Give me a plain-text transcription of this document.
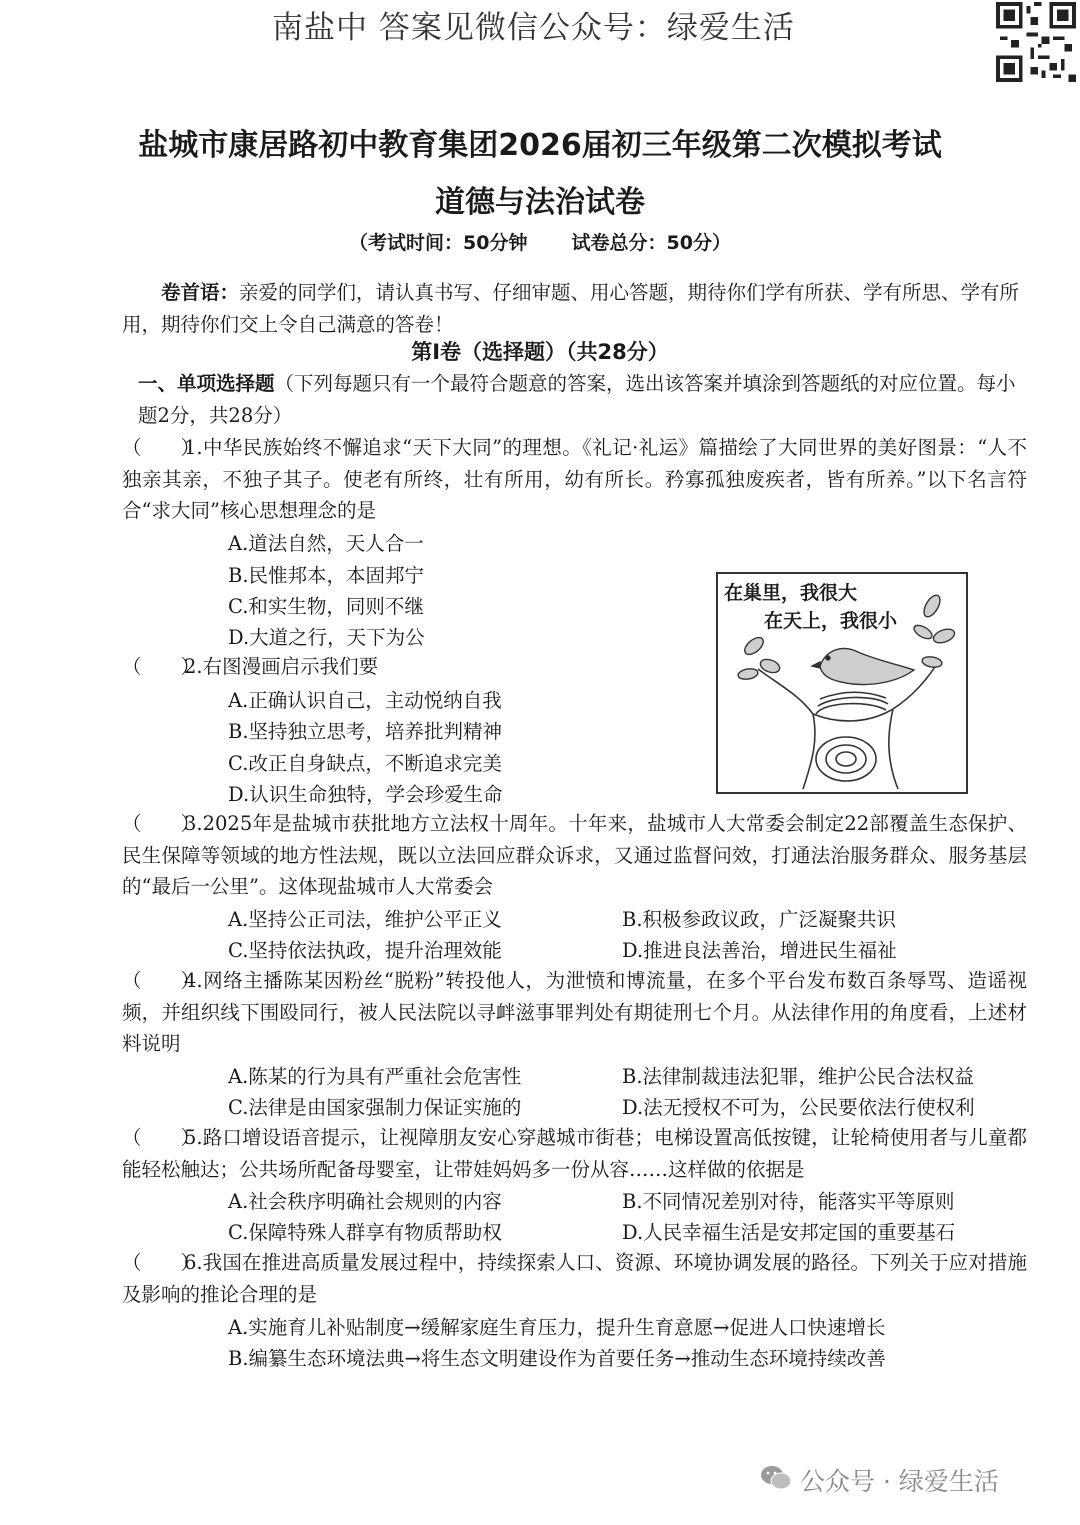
南盐中 答案见微信公众号：绿爱生活
盐城市康居路初中教育集团2026届初三年级第二次模拟考试
道德与法治试卷
（考试时间：50分钟 试卷总分：50分）
卷首语：亲爱的同学们，请认真书写、仔细审题、用心答题，期待你们学有所获、学有所思、学有所用，期待你们交上令自己满意的答卷！
第Ⅰ卷（选择题）（共28分）
一、单项选择题（下列每题只有一个最符合题意的答案，选出该答案并填涂到答题纸的对应位置。每小题2分，共28分）
（　　）1.中华民族始终不懈追求“天下大同”的理想。《礼记·礼运》篇描绘了大同世界的美好图景：“人不独亲其亲，不独子其子。使老有所终，壮有所用，幼有所长。矜寡孤独废疾者，皆有所养。”以下名言符合“求大同”核心思想理念的是
A.道法自然，天人合一
B.民惟邦本，本固邦宁
C.和实生物，同则不继
D.大道之行，天下为公
（　　）2.右图漫画启示我们要
A.正确认识自己，主动悦纳自我
B.坚持独立思考，培养批判精神
C.改正自身缺点，不断追求完美
D.认识生命独特，学会珍爱生命
在巢里，我很大
在天上，我很小
（　　）3.2025年是盐城市获批地方立法权十周年。十年来，盐城市人大常委会制定22部覆盖生态保护、民生保障等领域的地方性法规，既以立法回应群众诉求，又通过监督问效，打通法治服务群众、服务基层的“最后一公里”。这体现盐城市人大常委会
A.坚持公正司法，维护公平正义	B.积极参政议政，广泛凝聚共识
C.坚持依法执政，提升治理效能	D.推进良法善治，增进民生福祉
（　　）4.网络主播陈某因粉丝“脱粉”转投他人，为泄愤和博流量，在多个平台发布数百条辱骂、造谣视频，并组织线下围殴同行，被人民法院以寻衅滋事罪判处有期徒刑七个月。从法律作用的角度看，上述材料说明
A.陈某的行为具有严重社会危害性	B.法律制裁违法犯罪，维护公民合法权益
C.法律是由国家强制力保证实施的	D.法无授权不可为，公民要依法行使权利
（　　）5.路口增设语音提示，让视障朋友安心穿越城市街巷；电梯设置高低按键，让轮椅使用者与儿童都能轻松触达；公共场所配备母婴室，让带娃妈妈多一份从容……这样做的依据是
A.社会秩序明确社会规则的内容	B.不同情况差别对待，能落实平等原则
C.保障特殊人群享有物质帮助权	D.人民幸福生活是安邦定国的重要基石
（　　）6.我国在推进高质量发展过程中，持续探索人口、资源、环境协调发展的路径。下列关于应对措施及影响的推论合理的是
A.实施育儿补贴制度→缓解家庭生育压力，提升生育意愿→促进人口快速增长
B.编纂生态环境法典→将生态文明建设作为首要任务→推动生态环境持续改善
公众号 · 绿爱生活
